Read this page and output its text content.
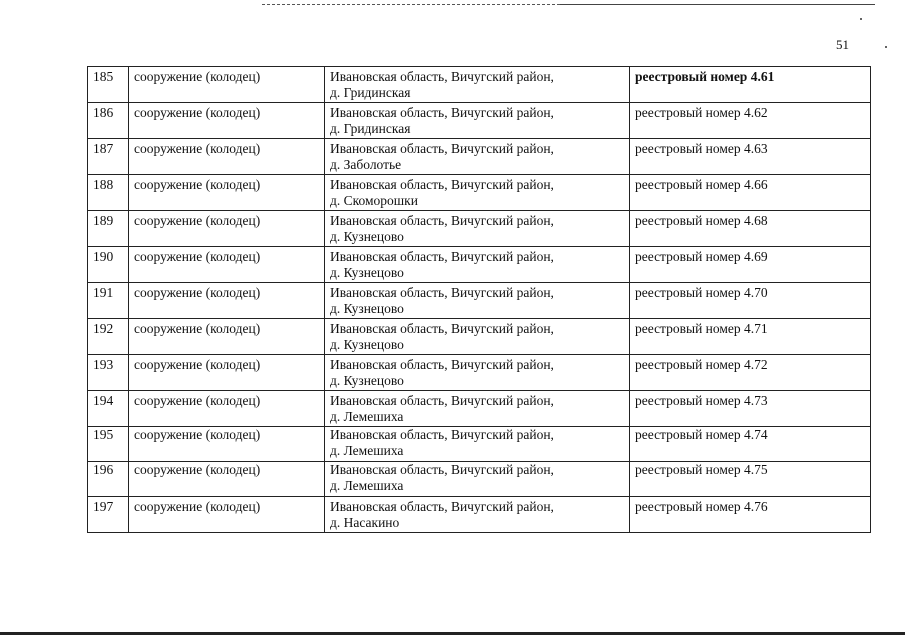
51
185	сооружение (колодец)	Ивановская область, Вичугский район,
д. Гридинская	реестровый номер 4.61
186	сооружение (колодец)	Ивановская область, Вичугский район,
д. Гридинская	реестровый номер 4.62
187	сооружение (колодец)	Ивановская область, Вичугский район,
д. Заболотье	реестровый номер 4.63
188	сооружение (колодец)	Ивановская область, Вичугский район,
д. Скоморошки	реестровый номер 4.66
189	сооружение (колодец)	Ивановская область, Вичугский район,
д. Кузнецово	реестровый номер 4.68
190	сооружение (колодец)	Ивановская область, Вичугский район,
д. Кузнецово	реестровый номер 4.69
191	сооружение (колодец)	Ивановская область, Вичугский район,
д. Кузнецово	реестровый номер 4.70
192	сооружение (колодец)	Ивановская область, Вичугский район,
д. Кузнецово	реестровый номер 4.71
193	сооружение (колодец)	Ивановская область, Вичугский район,
д. Кузнецово	реестровый номер 4.72
194	сооружение (колодец)	Ивановская область, Вичугский район,
д. Лемешиха	реестровый номер 4.73
195	сооружение (колодец)	Ивановская область, Вичугский район,
д. Лемешиха	реестровый номер 4.74
196	сооружение (колодец)	Ивановская область, Вичугский район,
д. Лемешиха	реестровый номер 4.75
197	сооружение (колодец)	Ивановская область, Вичугский район,
д. Насакино	реестровый номер 4.76
